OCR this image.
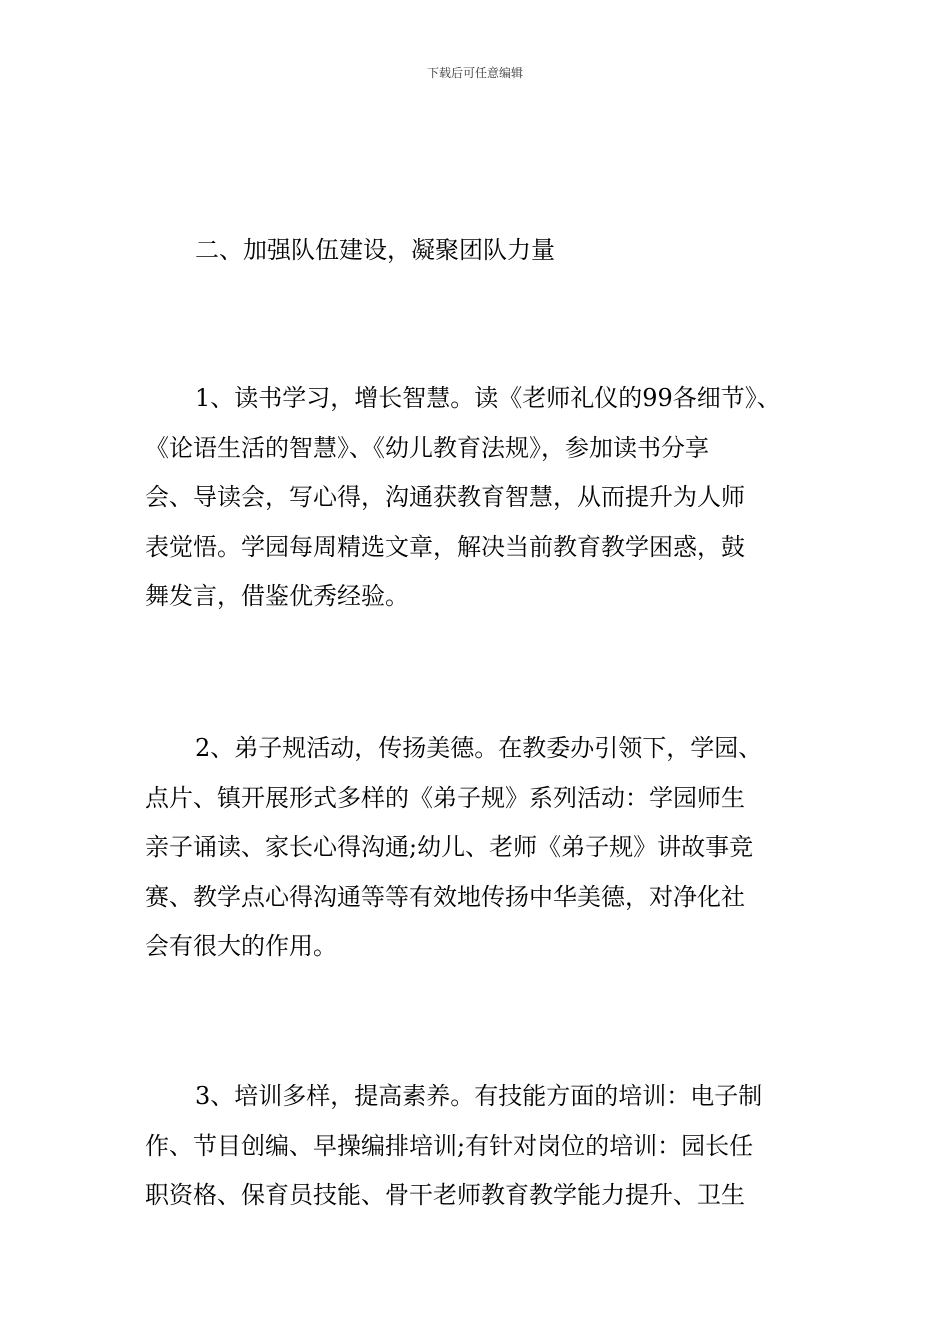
下载后可任意编辑
二、加强队伍建设，凝聚团队力量
1、读书学习，增长智慧。读《老师礼仪的99各细节》、
《论语生活的智慧》、《幼儿教育法规》，参加读书分享
会、导读会，写心得，沟通获教育智慧，从而提升为人师
表觉悟。学园每周精选文章，解决当前教育教学困惑，鼓
舞发言，借鉴优秀经验。
2、弟子规活动，传扬美德。在教委办引领下，学园、
点片、镇开展形式多样的《弟子规》系列活动：学园师生
亲子诵读、家长心得沟通;幼儿、老师《弟子规》讲故事竞
赛、教学点心得沟通等等有效地传扬中华美德，对净化社
会有很大的作用。
3、培训多样，提高素养。有技能方面的培训：电子制
作、节目创编、早操编排培训;有针对岗位的培训：园长任
职资格、保育员技能、骨干老师教育教学能力提升、卫生
